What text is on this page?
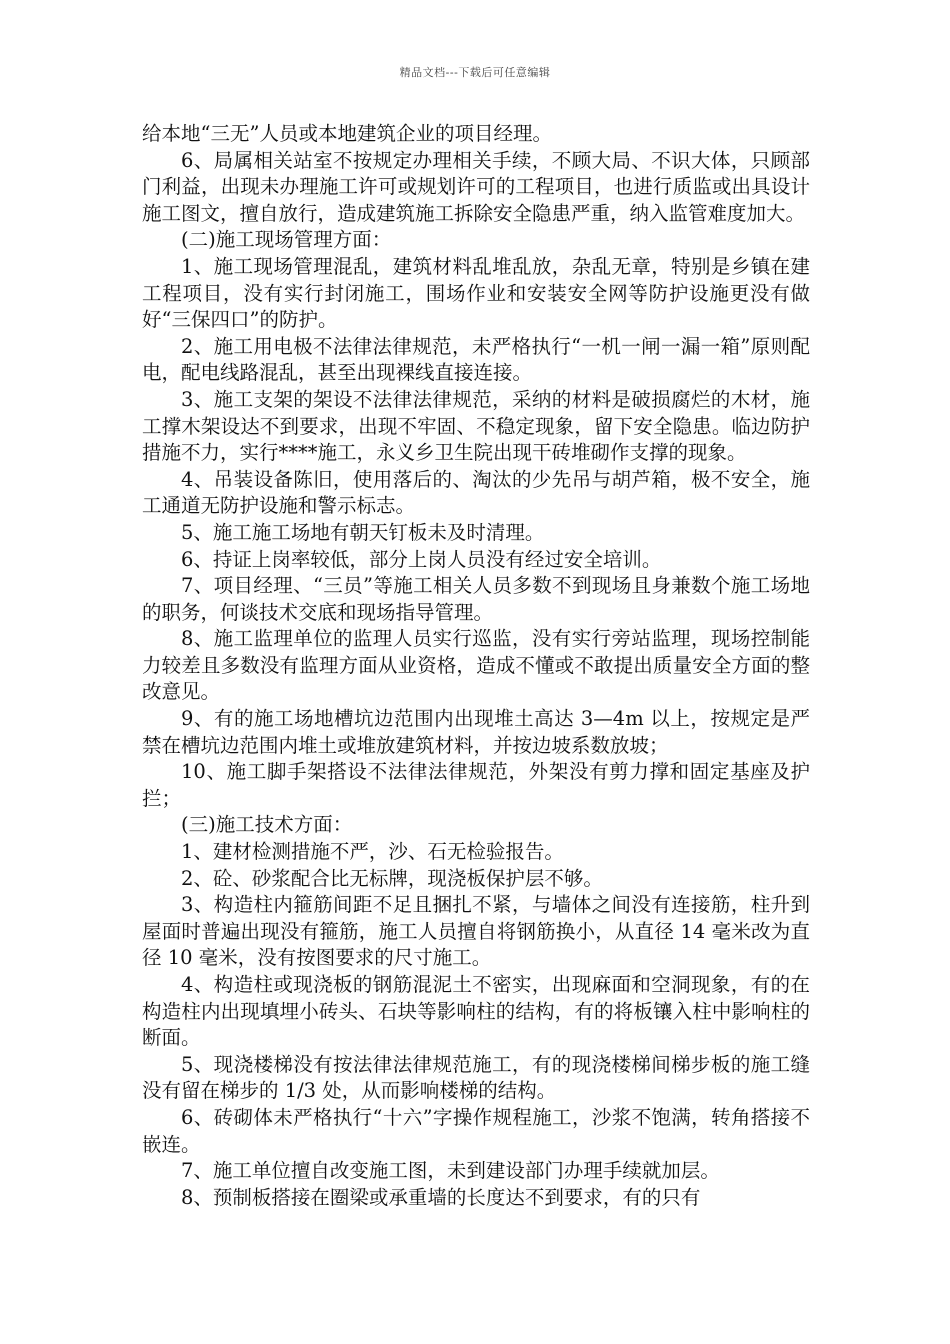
精品文档---下载后可任意编辑

给本地“三无”人员或本地建筑企业的项目经理。

6、局属相关站室不按规定办理相关手续，不顾大局、不识大体，只顾部门利益，出现未办理施工许可或规划许可的工程项目，也进行质监或出具设计施工图文，擅自放行，造成建筑施工拆除安全隐患严重，纳入监管难度加大。

(二)施工现场管理方面：

1、施工现场管理混乱，建筑材料乱堆乱放，杂乱无章，特别是乡镇在建工程项目，没有实行封闭施工，围场作业和安装安全网等防护设施更没有做好“三保四口”的防护。

2、施工用电极不法律法律规范，未严格执行“一机一闸一漏一箱”原则配电，配电线路混乱，甚至出现裸线直接连接。

3、施工支架的架设不法律法律规范，采纳的材料是破损腐烂的木材，施工撑木架设达不到要求，出现不牢固、不稳定现象，留下安全隐患。临边防护措施不力，实行****施工，永义乡卫生院出现干砖堆砌作支撑的现象。

4、吊装设备陈旧，使用落后的、淘汰的少先吊与胡芦箱，极不安全，施工通道无防护设施和警示标志。

5、施工施工场地有朝天钉板未及时清理。

6、持证上岗率较低，部分上岗人员没有经过安全培训。

7、项目经理、“三员”等施工相关人员多数不到现场且身兼数个施工场地的职务，何谈技术交底和现场指导管理。

8、施工监理单位的监理人员实行巡监，没有实行旁站监理，现场控制能力较差且多数没有监理方面从业资格，造成不懂或不敢提出质量安全方面的整改意见。

9、有的施工场地槽坑边范围内出现堆土高达 3—4m 以上，按规定是严禁在槽坑边范围内堆土或堆放建筑材料，并按边坡系数放坡；

10、施工脚手架搭设不法律法律规范，外架没有剪力撑和固定基座及护拦；

(三)施工技术方面：

1、建材检测措施不严，沙、石无检验报告。

2、砼、砂浆配合比无标牌，现浇板保护层不够。

3、构造柱内箍筋间距不足且捆扎不紧，与墙体之间没有连接筋，柱升到屋面时普遍出现没有箍筋，施工人员擅自将钢筋换小，从直径 14 毫米改为直径 10 毫米，没有按图要求的尺寸施工。

4、构造柱或现浇板的钢筋混泥土不密实，出现麻面和空洞现象，有的在构造柱内出现填埋小砖头、石块等影响柱的结构，有的将板镶入柱中影响柱的断面。

5、现浇楼梯没有按法律法律规范施工，有的现浇楼梯间梯步板的施工缝没有留在梯步的 1/3 处，从而影响楼梯的结构。

6、砖砌体未严格执行“十六”字操作规程施工，沙浆不饱满，转角搭接不嵌连。

7、施工单位擅自改变施工图，未到建设部门办理手续就加层。

8、预制板搭接在圈梁或承重墙的长度达不到要求，有的只有
